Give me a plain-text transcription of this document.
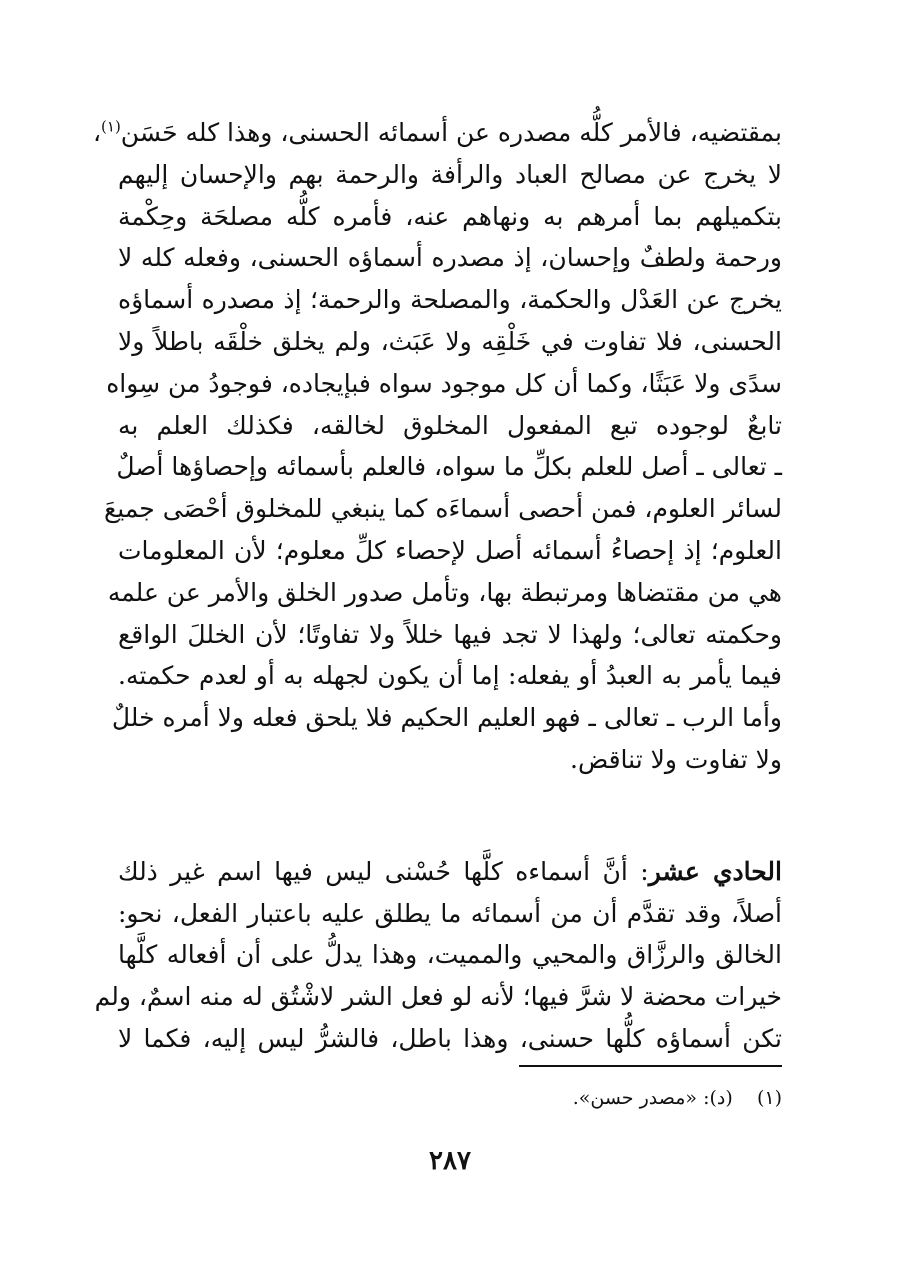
بمقتضيه، فالأمر كلُّه مصدره عن أسمائه الحسنى، وهذا كله حَسَن$^{(١)}$،
لا يخرج عن مصالح العباد والرأفة والرحمة بهم والإحسان إليهم
بتكميلهم بما أمرهم به ونهاهم عنه، فأمره كلُّه مصلحَة وحِكْمة
ورحمة ولطفٌ وإحسان، إذ مصدره أسماؤه الحسنى، وفعله كله لا
يخرج عن العَدْل والحكمة، والمصلحة والرحمة؛ إذ مصدره أسماؤه
الحسنى، فلا تفاوت في خَلْقِه ولا عَبَث، ولم يخلق خلْقَه باطلاً ولا
سدًى ولا عَبَثًا، وكما أن كل موجود سواه فبإيجاده، فوجودُ من سِواه
تابعٌ لوجوده تبع المفعول المخلوق لخالقه، فكذلك العلم به
ـ تعالى ـ أصل للعلم بكلِّ ما سواه، فالعلم بأسمائه وإحصاؤها أصلٌ
لسائر العلوم، فمن أحصى أسماءَه كما ينبغي للمخلوق أحْصَى جميعَ
العلوم؛ إذ إحصاءُ أسمائه أصل لإحصاء كلِّ معلوم؛ لأن المعلومات
هي من مقتضاها ومرتبطة بها، وتأمل صدور الخلق والأمر عن علمه
وحكمته تعالى؛ ولهذا لا تجد فيها خللاً ولا تفاوتًا؛ لأن الخللَ الواقع
فيما يأمر به العبدُ أو يفعله: إما أن يكون لجهله به أو لعدم حكمته.
وأما الرب ـ تعالى ـ فهو العليم الحكيم فلا يلحق فعله ولا أمره خللٌ
ولا تفاوت ولا تناقض.
الحادي عشر: أنَّ أسماءه كلَّها حُسْنى ليس فيها اسم غير ذلك
أصلاً، وقد تقدَّم أن من أسمائه ما يطلق عليه باعتبار الفعل، نحو:
الخالق والرزَّاق والمحيي والمميت، وهذا يدلُّ على أن أفعاله كلَّها
خيرات محضة لا شرَّ فيها؛ لأنه لو فعل الشر لاشْتُق له منه اسمٌ، ولم
تكن أسماؤه كلُّها حسنى، وهذا باطل، فالشرُّ ليس إليه، فكما لا
(١)    (د): «مصدر حسن».
٢٨٧
